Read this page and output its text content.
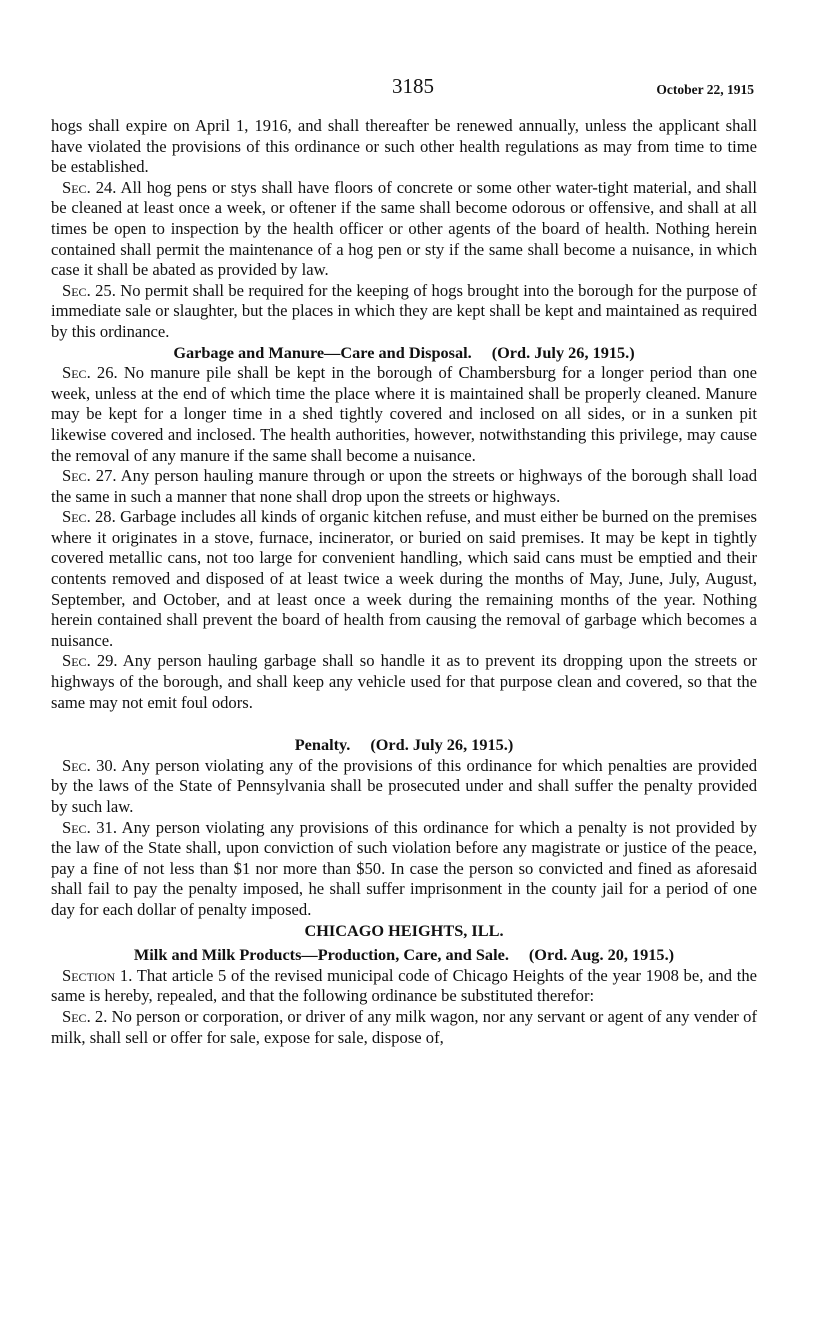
3185	October 22, 1915

hogs shall expire on April 1, 1916, and shall thereafter be renewed annually, unless the applicant shall have violated the provisions of this ordinance or such other health regulations as may from time to time be established.

Sec. 24. All hog pens or stys shall have floors of concrete or some other water-tight material, and shall be cleaned at least once a week, or oftener if the same shall become odorous or offensive, and shall at all times be open to inspection by the health officer or other agents of the board of health. Nothing herein contained shall permit the maintenance of a hog pen or sty if the same shall become a nuisance, in which case it shall be abated as provided by law.

Sec. 25. No permit shall be required for the keeping of hogs brought into the borough for the purpose of immediate sale or slaughter, but the places in which they are kept shall be kept and maintained as required by this ordinance.

Garbage and Manure—Care and Disposal. (Ord. July 26, 1915.)

Sec. 26. No manure pile shall be kept in the borough of Chambersburg for a longer period than one week, unless at the end of which time the place where it is maintained shall be properly cleaned. Manure may be kept for a longer time in a shed tightly covered and inclosed on all sides, or in a sunken pit likewise covered and inclosed. The health authorities, however, notwithstanding this privilege, may cause the removal of any manure if the same shall become a nuisance.

Sec. 27. Any person hauling manure through or upon the streets or highways of the borough shall load the same in such a manner that none shall drop upon the streets or highways.

Sec. 28. Garbage includes all kinds of organic kitchen refuse, and must either be burned on the premises where it originates in a stove, furnace, incinerator, or buried on said premises. It may be kept in tightly covered metallic cans, not too large for convenient handling, which said cans must be emptied and their contents removed and disposed of at least twice a week during the months of May, June, July, August, September, and October, and at least once a week during the remaining months of the year. Nothing herein contained shall prevent the board of health from causing the removal of garbage which becomes a nuisance.

Sec. 29. Any person hauling garbage shall so handle it as to prevent its dropping upon the streets or highways of the borough, and shall keep any vehicle used for that purpose clean and covered, so that the same may not emit foul odors.

Penalty. (Ord. July 26, 1915.)

Sec. 30. Any person violating any of the provisions of this ordinance for which penalties are provided by the laws of the State of Pennsylvania shall be prosecuted under and shall suffer the penalty provided by such law.

Sec. 31. Any person violating any provisions of this ordinance for which a penalty is not provided by the law of the State shall, upon conviction of such violation before any magistrate or justice of the peace, pay a fine of not less than $1 nor more than $50. In case the person so convicted and fined as aforesaid shall fail to pay the penalty imposed, he shall suffer imprisonment in the county jail for a period of one day for each dollar of penalty imposed.

CHICAGO HEIGHTS, ILL.

Milk and Milk Products—Production, Care, and Sale. (Ord. Aug. 20, 1915.)

Section 1. That article 5 of the revised municipal code of Chicago Heights of the year 1908 be, and the same is hereby, repealed, and that the following ordinance be substituted therefor:

Sec. 2. No person or corporation, or driver of any milk wagon, nor any servant or agent of any vender of milk, shall sell or offer for sale, expose for sale, dispose of,
